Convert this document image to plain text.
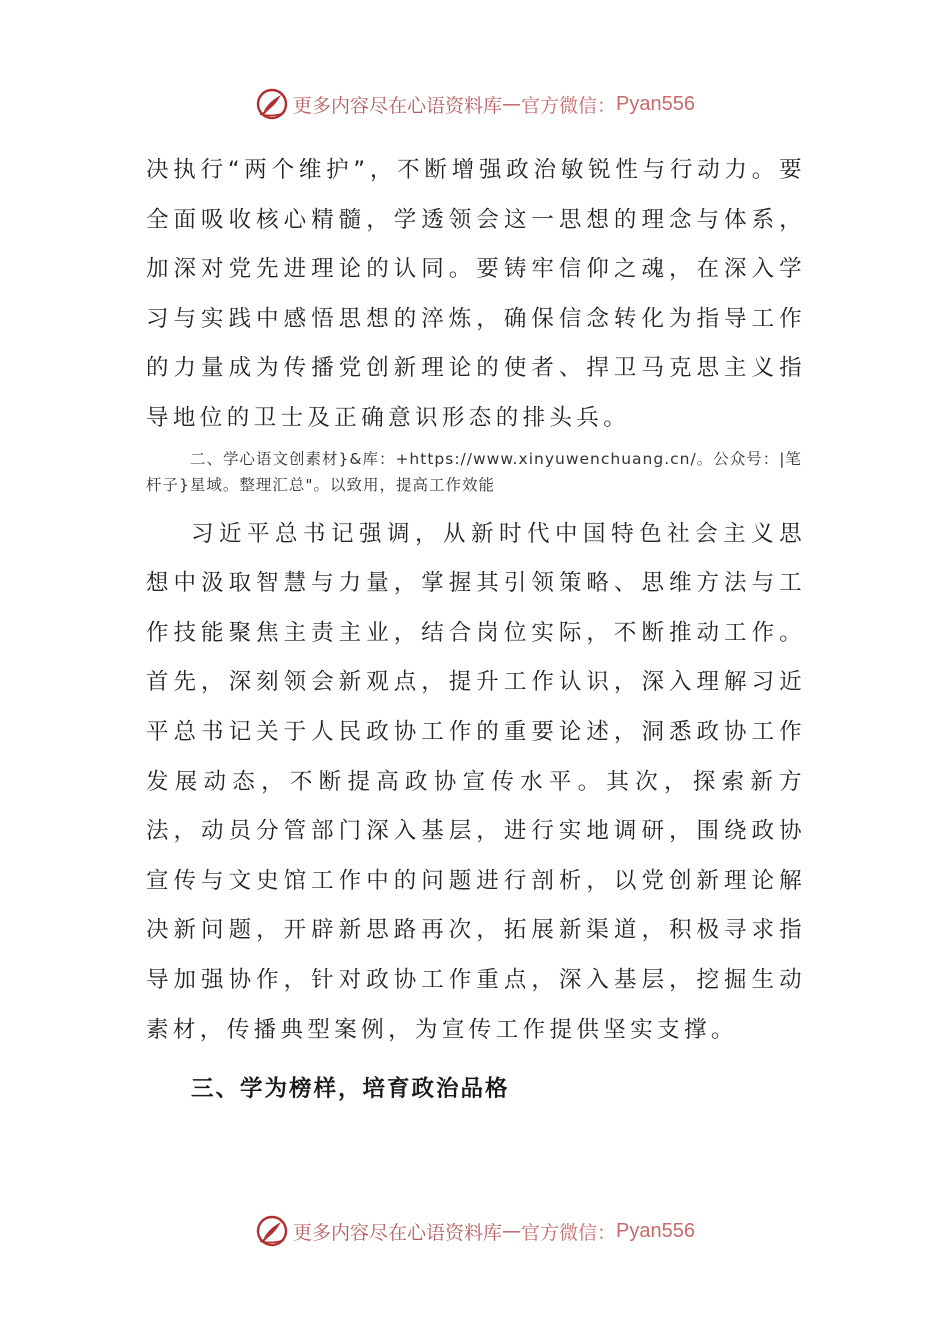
更多内容尽在心语资料库 — 官方微信： Pyan556

决执行“两个维护”，不断增强政治敏锐性与行动力。要全面吸收核心精髓，学透领会这一思想的理念与体系，加深对党先进理论的认同。要铸牢信仰之魂，在深入学习与实践中感悟思想的淬炼，确保信念转化为指导工作的力量成为传播党创新理论的使者、捍卫马克思主义指导地位的卫士及正确意识形态的排头兵。

二、学心语文创素材}&库：+https://www.xinyuwenchuang.cn/。公众号：|笔杆子}星域。整理汇总"。以致用，提高工作效能

习近平总书记强调，从新时代中国特色社会主义思想中汲取智慧与力量，掌握其引领策略、思维方法与工作技能聚焦主责主业，结合岗位实际，不断推动工作。首先，深刻领会新观点，提升工作认识，深入理解习近平总书记关于人民政协工作的重要论述，洞悉政协工作发展动态，不断提高政协宣传水平。其次，探索新方法，动员分管部门深入基层，进行实地调研，围绕政协宣传与文史馆工作中的问题进行剖析，以党创新理论解决新问题，开辟新思路再次，拓展新渠道，积极寻求指导加强协作，针对政协工作重点，深入基层，挖掘生动素材，传播典型案例，为宣传工作提供坚实支撑。

三、学为榜样，培育政治品格

更多内容尽在心语资料库 — 官方微信： Pyan556
